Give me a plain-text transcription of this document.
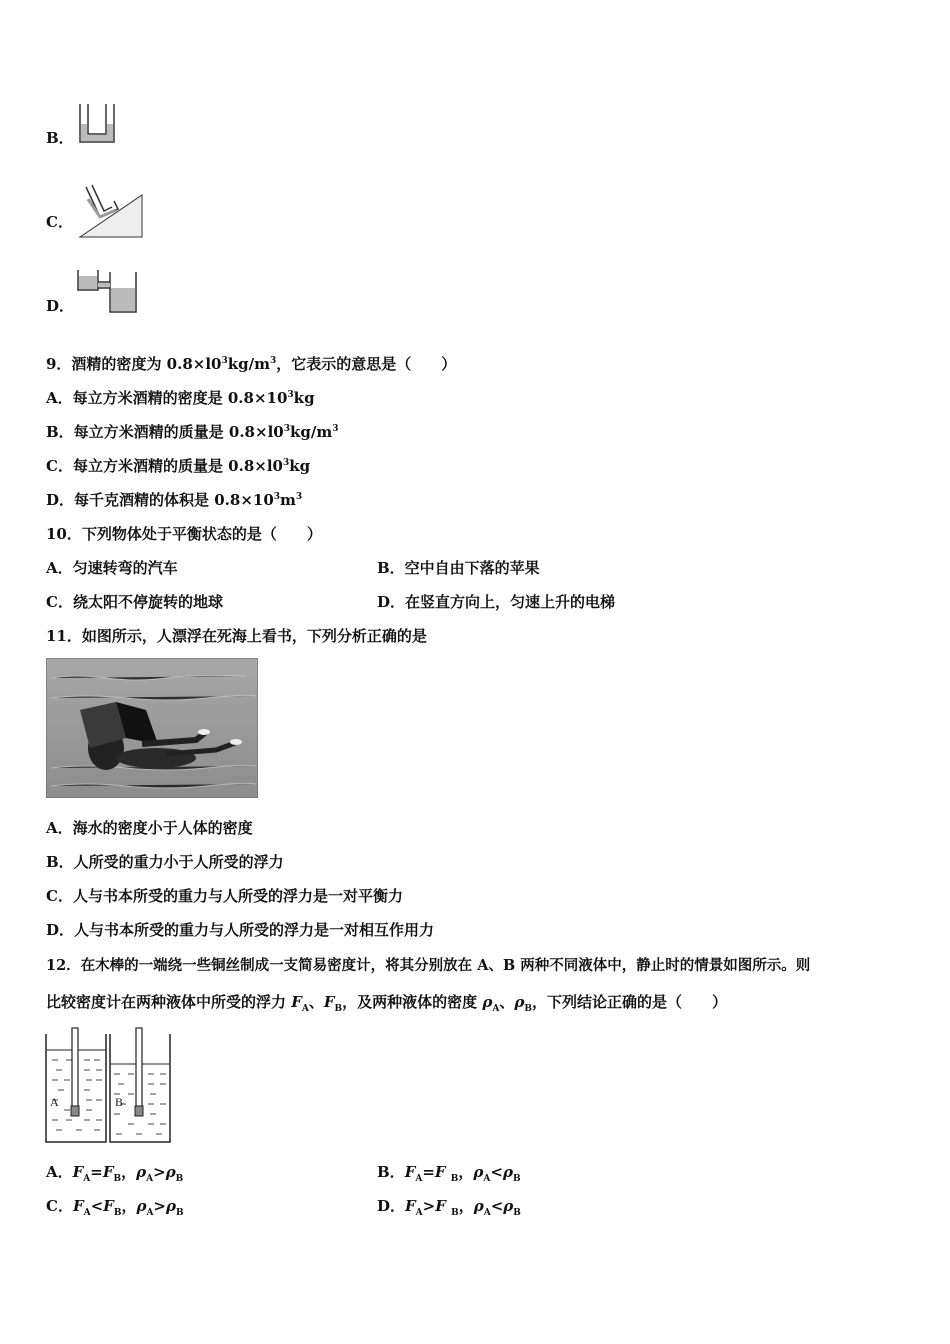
B．
C．
D．
9．酒精的密度为 $0.8\times l0^3kg/m^3$，它表示的意思是（　　）
A．每立方米酒精的密度是 $0.8\times 10^3kg$
B．每立方米酒精的质量是 $0.8\times l0^3kg/m^3$
C．每立方米酒精的质量是 $0.8\times l0^3kg$
D．每千克酒精的体积是 $0.8\times 10^3m^3$
10．下列物体处于平衡状态的是（　　）
A．匀速转弯的汽车	B．空中自由下落的苹果
C．绕太阳不停旋转的地球	D．在竖直方向上，匀速上升的电梯
11．如图所示，人漂浮在死海上看书，下列分析正确的是
A．海水的密度小于人体的密度
B．人所受的重力小于人所受的浮力
C．人与书本所受的重力与人所受的浮力是一对平衡力
D．人与书本所受的重力与人所受的浮力是一对相互作用力
12．在木棒的一端绕一些铜丝制成一支简易密度计，将其分别放在 A、B 两种不同液体中，静止时的情景如图所示。则
比较密度计在两种液体中所受的浮力 $F_A$、$F_B$，及两种液体的密度 $\rho_A$、$\rho_B$，下列结论正确的是（　　）
A	B
A．$F_A=F_B$，$\rho_A>\rho_B$	B．$F_A=F$ $_B$，$\rho_A<\rho_B$
C．$F_A<F_B$，$\rho_A>\rho_B$	D．$F_A>F$ $_B$，$\rho_A<\rho_B$
